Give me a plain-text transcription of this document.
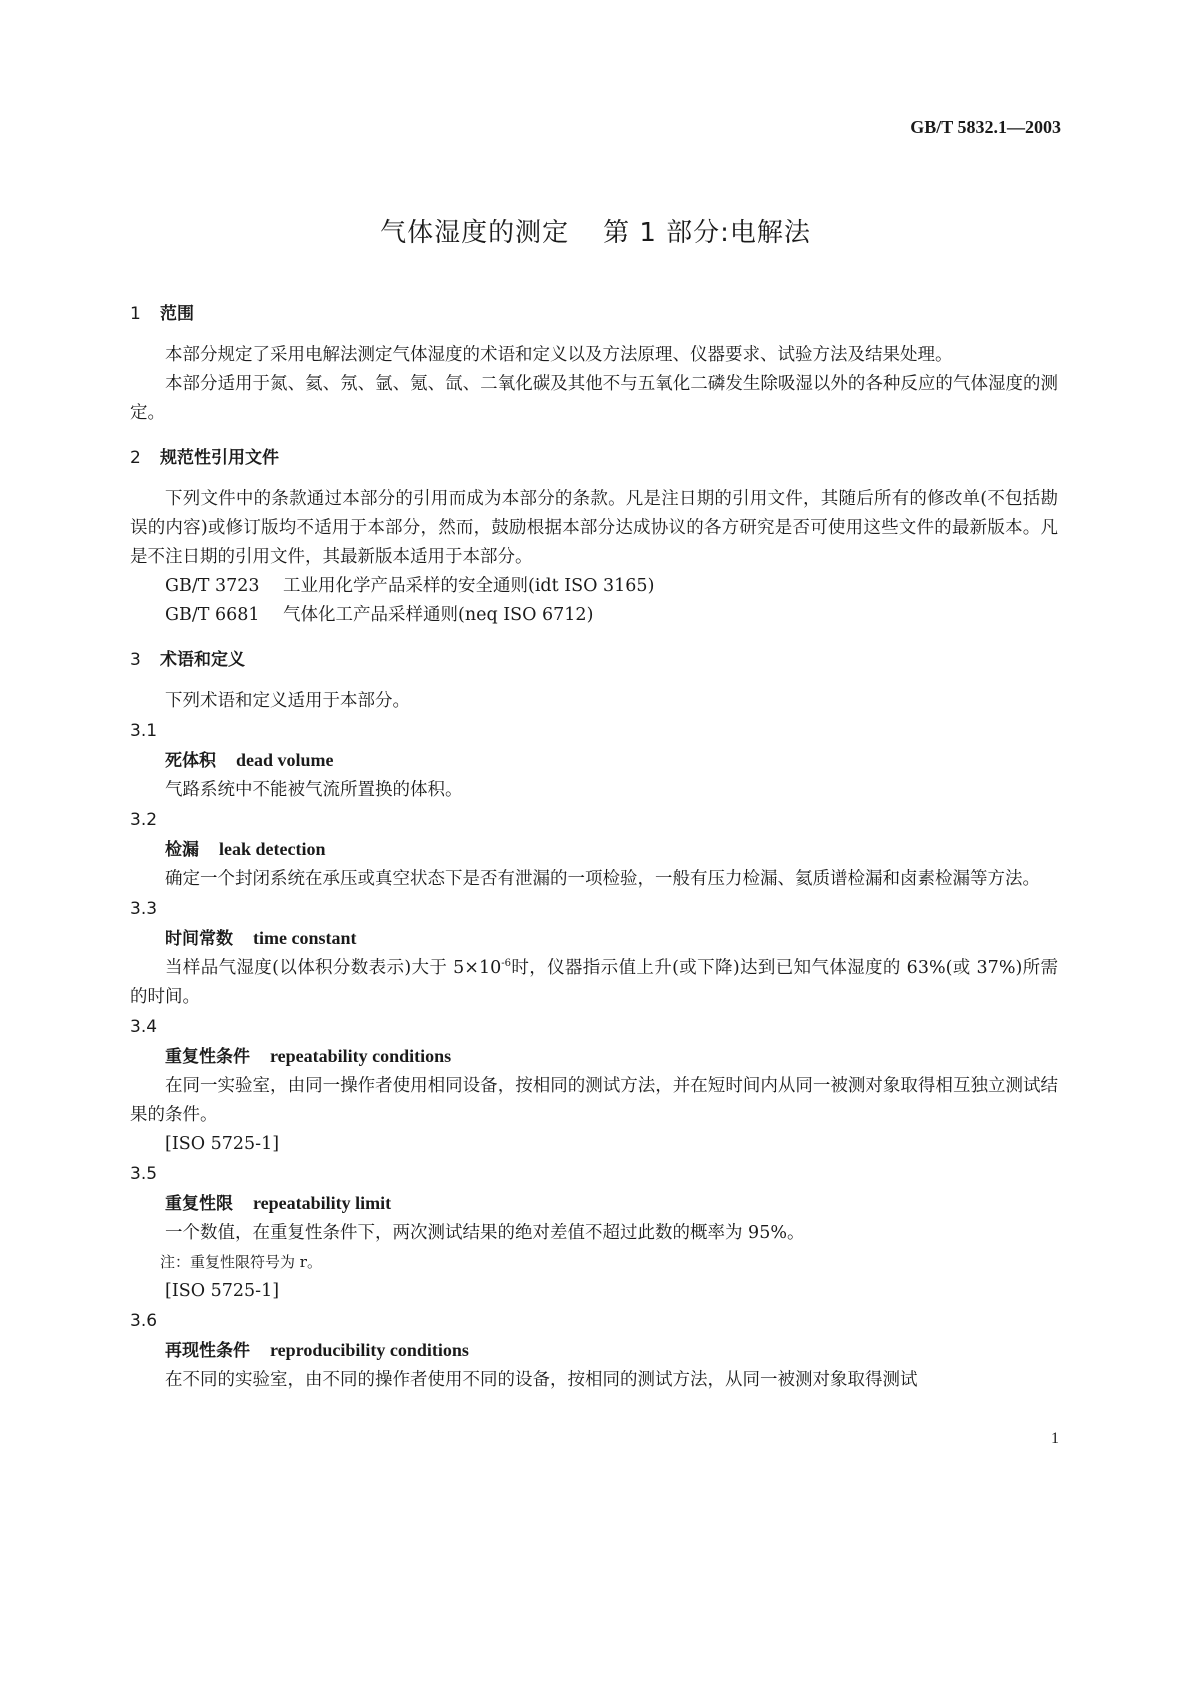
GB/T 5832.1—2003
气体湿度的测定 第 1 部分:电解法
1 范围

本部分规定了采用电解法测定气体湿度的术语和定义以及方法原理、仪器要求、试验方法及结果处理。

本部分适用于氮、氦、氖、氩、氪、氙、二氧化碳及其他不与五氧化二磷发生除吸湿以外的各种反应的气体湿度的测定。

2 规范性引用文件

下列文件中的条款通过本部分的引用而成为本部分的条款。凡是注日期的引用文件，其随后所有的修改单(不包括勘误的内容)或修订版均不适用于本部分，然而，鼓励根据本部分达成协议的各方研究是否可使用这些文件的最新版本。凡是不注日期的引用文件，其最新版本适用于本部分。

GB/T 3723 工业用化学产品采样的安全通则(idt ISO 3165)

GB/T 6681 气体化工产品采样通则(neq ISO 6712)

3 术语和定义

下列术语和定义适用于本部分。

3.1

死体积 dead volume

气路系统中不能被气流所置换的体积。

3.2

检漏 leak detection

确定一个封闭系统在承压或真空状态下是否有泄漏的一项检验，一般有压力检漏、氦质谱检漏和卤素检漏等方法。

3.3

时间常数 time constant

当样品气湿度(以体积分数表示)大于 $5\times 10^{-6}$时，仪器指示值上升(或下降)达到已知气体湿度的 63%(或 37%)所需的时间。

3.4

重复性条件 repeatability conditions

在同一实验室，由同一操作者使用相同设备，按相同的测试方法，并在短时间内从同一被测对象取得相互独立测试结果的条件。

[ISO 5725-1]

3.5

重复性限 repeatability limit

一个数值，在重复性条件下，两次测试结果的绝对差值不超过此数的概率为 95%。

注：重复性限符号为 r。

[ISO 5725-1]

3.6

再现性条件 reproducibility conditions

在不同的实验室，由不同的操作者使用不同的设备，按相同的测试方法，从同一被测对象取得测试

1
